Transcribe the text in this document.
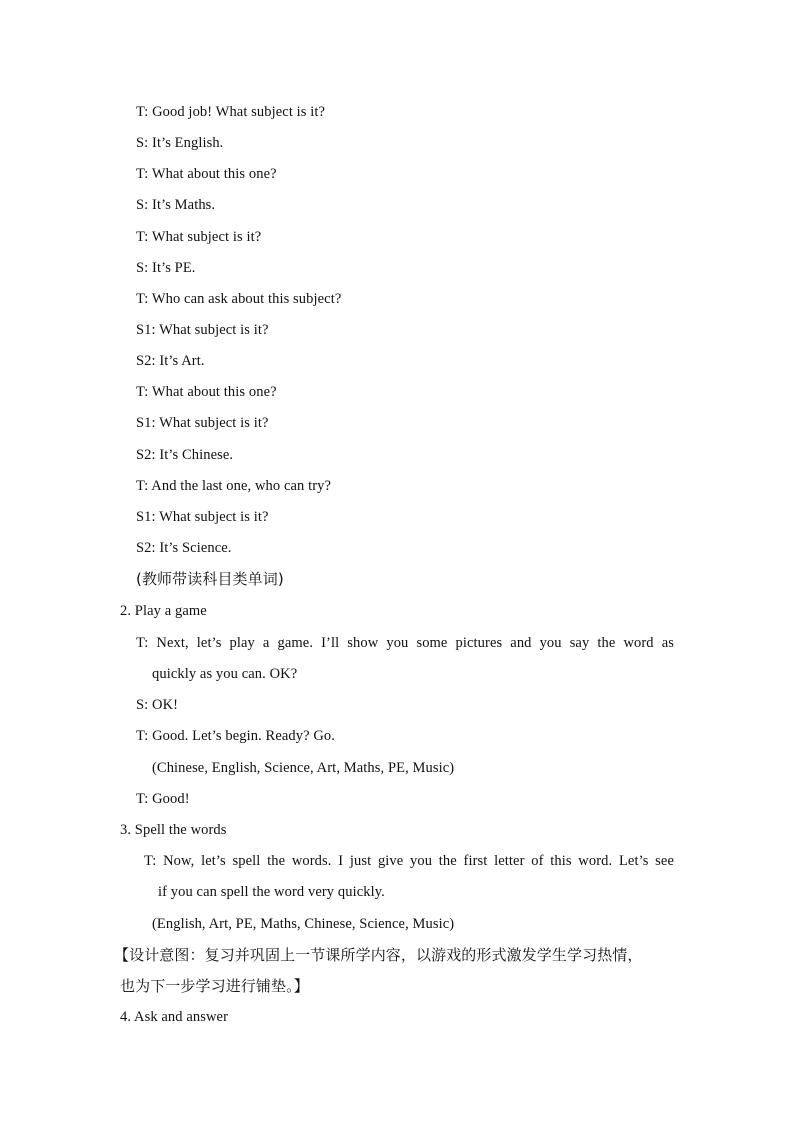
T: Good job! What subject is it?
S: It’s English.
T: What about this one?
S: It’s Maths.
T: What subject is it?
S: It’s PE.
T: Who can ask about this subject?
S1: What subject is it?
S2: It’s Art.
T: What about this one?
S1: What subject is it?
S2: It’s Chinese.
T: And the last one, who can try?
S1: What subject is it?
S2: It’s Science.
(教师带读科目类单词)
2. Play a game
T: Next, let’s play a game. I’ll show you some pictures and you say the word as
quickly as you can. OK?
S: OK!
T: Good. Let’s begin. Ready? Go.
(Chinese, English, Science, Art, Maths, PE, Music)
T: Good!
3. Spell the words
T: Now, let’s spell the words. I just give you the first letter of this word. Let’s see
if you can spell the word very quickly.
(English, Art, PE, Maths, Chinese, Science, Music)
【设计意图：复习并巩固上一节课所学内容，以游戏的形式激发学生学习热情，
也为下一步学习进行铺垫。】
4. Ask and answer
